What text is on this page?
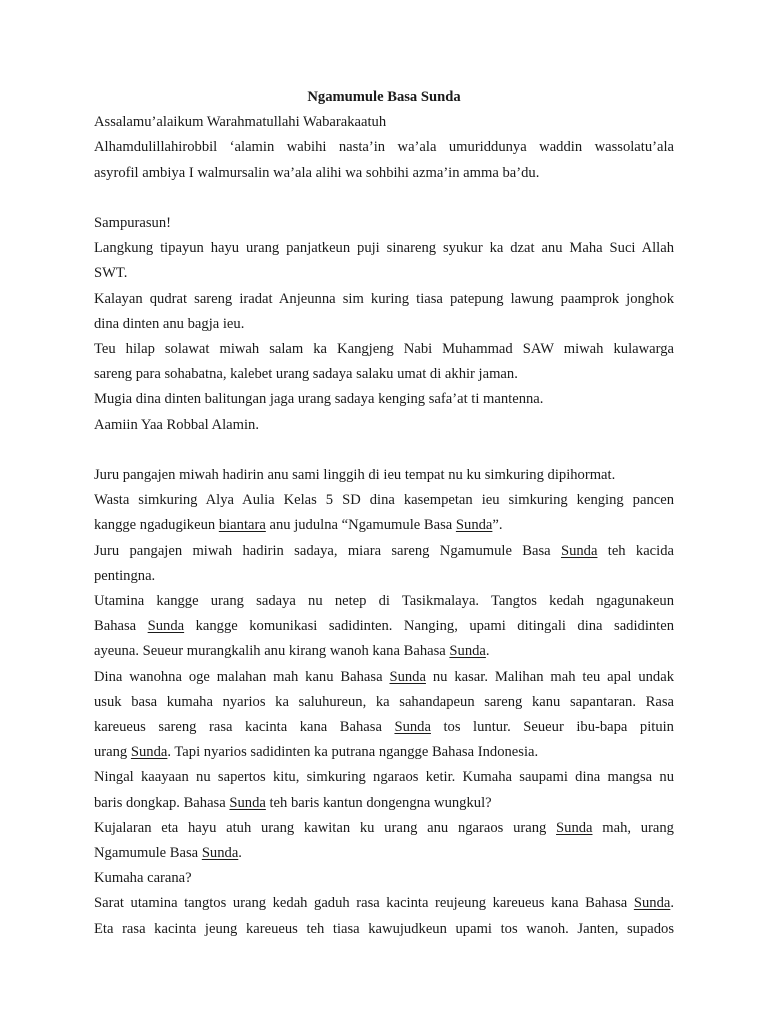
Ngamumule Basa Sunda

Assalamu’alaikum Warahmatullahi Wabarakaatuh

Alhamdulillahirobbil ‘alamin wabihi nasta’in wa’ala umuriddunya waddin wassolatu’ala

asyrofil ambiya I walmursalin wa’ala alihi wa sohbihi azma’in amma ba’du.

Sampurasun!

Langkung tipayun hayu urang panjatkeun puji sinareng syukur ka dzat anu Maha Suci Allah

SWT.

Kalayan qudrat sareng iradat Anjeunna sim kuring tiasa patepung lawung paamprok jonghok

dina dinten anu bagja ieu.

Teu hilap solawat miwah salam ka Kangjeng Nabi Muhammad SAW miwah kulawarga

sareng para sohabatna, kalebet urang sadaya salaku umat di akhir jaman.

Mugia dina dinten balitungan jaga urang sadaya kenging safa’at ti mantenna.

Aamiin Yaa Robbal Alamin.

Juru pangajen miwah hadirin anu sami linggih di ieu tempat nu ku simkuring dipihormat.

Wasta simkuring Alya Aulia Kelas 5 SD dina kasempetan ieu simkuring kenging pancen

kangge ngadugikeun biantara anu judulna “Ngamumule Basa Sunda”.

Juru pangajen miwah hadirin sadaya, miara sareng Ngamumule Basa Sunda teh kacida

pentingna.

Utamina kangge urang sadaya nu netep di Tasikmalaya. Tangtos kedah ngagunakeun

Bahasa Sunda kangge komunikasi sadidinten. Nanging, upami ditingali dina sadidinten

ayeuna. Seueur murangkalih anu kirang wanoh kana Bahasa Sunda.

Dina wanohna oge malahan mah kanu Bahasa Sunda nu kasar. Malihan mah teu apal undak

usuk basa kumaha nyarios ka saluhureun, ka sahandapeun sareng kanu sapantaran. Rasa

kareueus sareng rasa kacinta kana Bahasa Sunda tos luntur. Seueur ibu-bapa pituin

urang Sunda. Tapi nyarios sadidinten ka putrana ngangge Bahasa Indonesia.

Ningal kaayaan nu sapertos kitu, simkuring ngaraos ketir. Kumaha saupami dina mangsa nu

baris dongkap. Bahasa Sunda teh baris kantun dongengna wungkul?

Kujalaran eta hayu atuh urang kawitan ku urang anu ngaraos urang Sunda mah, urang

Ngamumule Basa Sunda.

Kumaha carana?

Sarat utamina tangtos urang kedah gaduh rasa kacinta reujeung kareueus kana Bahasa Sunda.

Eta rasa kacinta jeung kareueus teh tiasa kawujudkeun upami tos wanoh. Janten, supados
